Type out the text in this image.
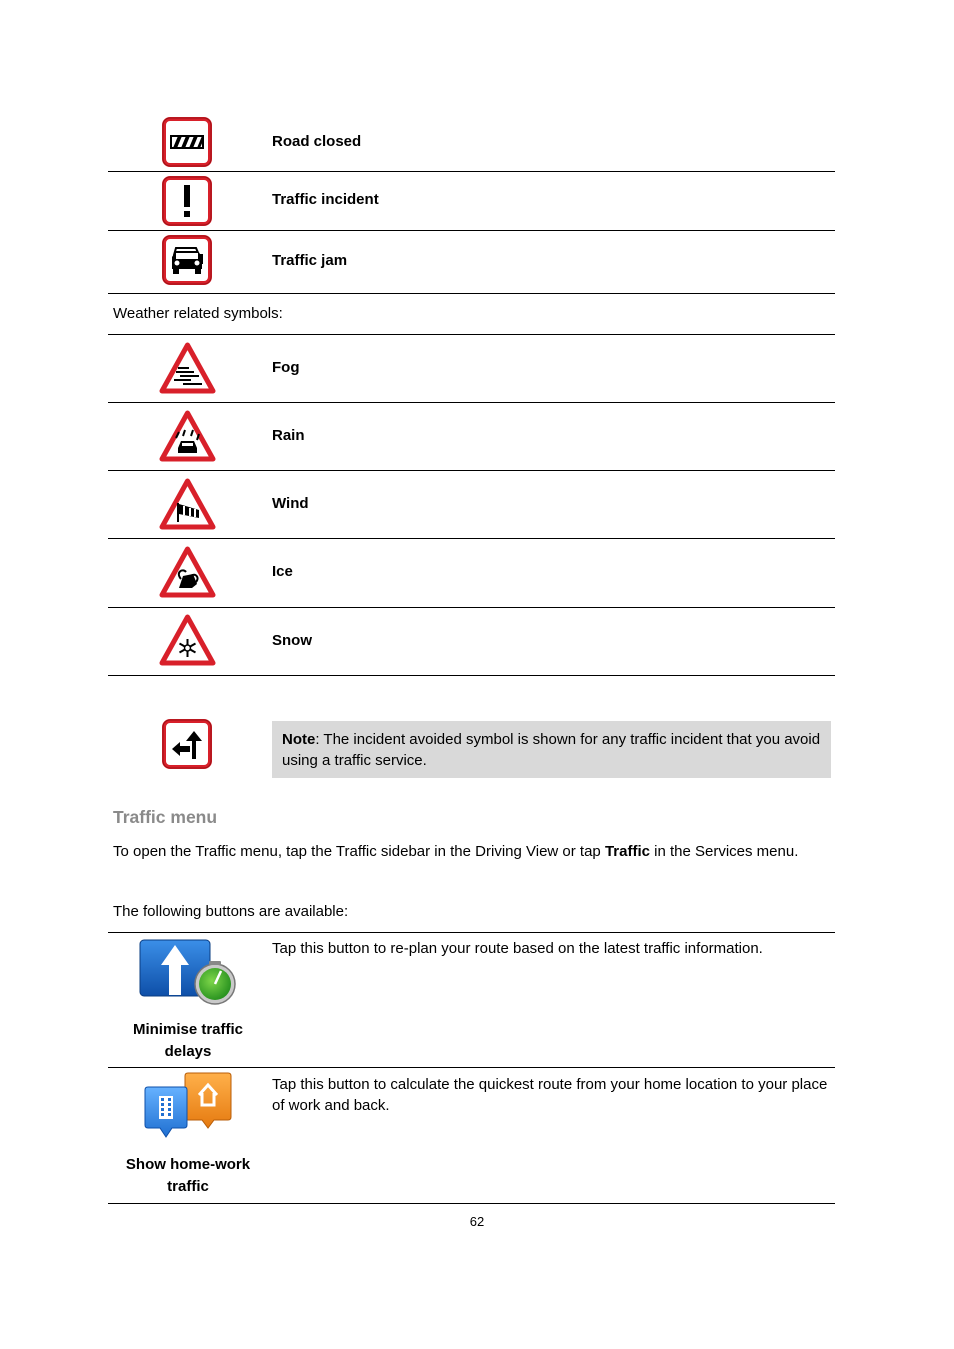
Road closed
Traffic incident
Traffic jam
Weather related symbols:
Fog
Rain
Wind
Ice
Snow
Note: The incident avoided symbol is shown for any traffic incident that you avoid using a traffic service.
Traffic menu
To open the Traffic menu, tap the Traffic sidebar in the Driving View or tap Traffic in the Services menu.
The following buttons are available:
Minimise traffic delays
Tap this button to re-plan your route based on the latest traffic information.
Show home-work traffic
Tap this button to calculate the quickest route from your home location to your place of work and back.
62
